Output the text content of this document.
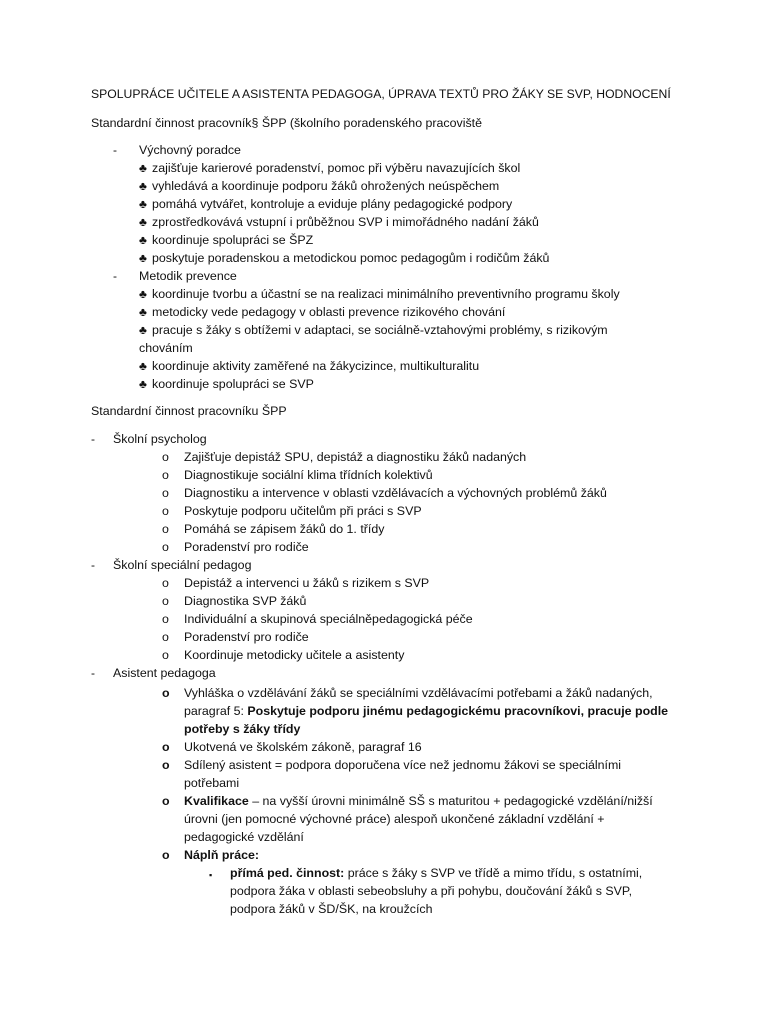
SPOLUPRÁCE UČITELE A ASISTENTA PEDAGOGA, ÚPRAVA TEXTŮ PRO ŽÁKY SE SVP, HODNOCENÍ
Standardní činnost pracovník§ ŠPP (školního poradenského pracoviště
- Výchovný poradce
♣ zajišťuje karierové poradenství, pomoc při výběru navazujících škol
♣ vyhledává a koordinuje podporu žáků ohrožených neúspěchem
♣ pomáhá vytvářet, kontroluje a eviduje plány pedagogické podpory
♣ zprostředkovává vstupní i průběžnou SVP i mimořádného nadání žáků
♣ koordinuje spolupráci se ŠPZ
♣ poskytuje poradenskou a metodickou pomoc pedagogům i rodičům žáků
- Metodik prevence
♣ koordinuje tvorbu a účastní se na realizaci minimálního preventivního programu školy
♣ metodicky vede pedagogy v oblasti prevence rizikového chování
♣ pracuje s žáky s obtížemi v adaptaci, se sociálně-vztahovými problémy, s rizikovým
chováním
♣ koordinuje aktivity zaměřené na žákycizince, multikulturalitu
♣ koordinuje spolupráci se SVP
Standardní činnost pracovníku ŠPP
- Školní psycholog
o Zajišťuje depistáž SPU, depistáž a diagnostiku žáků nadaných
o Diagnostikuje sociální klima třídních kolektivů
o Diagnostiku a intervence v oblasti vzdělávacích a výchovných problémů žáků
o Poskytuje podporu učitelům při práci s SVP
o Pomáhá se zápisem žáků do 1. třídy
o Poradenství pro rodiče
- Školní speciální pedagog
o Depistáž a intervenci u žáků s rizikem s SVP
o Diagnostika SVP žáků
o Individuální a skupinová speciálněpedagogická péče
o Poradenství pro rodiče
o Koordinuje metodicky učitele a asistenty
- Asistent pedagoga
o Vyhláška o vzdělávání žáků se speciálními vzdělávacími potřebami a žáků nadaných,
paragraf 5: Poskytuje podporu jinému pedagogickému pracovníkovi, pracuje podle
potřeby s žáky třídy
o Ukotvená ve školském zákoně, paragraf 16
o Sdílený asistent = podpora doporučena více než jednomu žákovi se speciálními
potřebami
o Kvalifikace – na vyšší úrovni minimálně SŠ s maturitou + pedagogické vzdělání/nižší
úrovni (jen pomocné výchovné práce) alespoň ukončené základní vzdělání +
pedagogické vzdělání
o Náplň práce:
▪ přímá ped. činnost: práce s žáky s SVP ve třídě a mimo třídu, s ostatními,
podpora žáka v oblasti sebeobsluhy a při pohybu, doučování žáků s SVP,
podpora žáků v ŠD/ŠK, na kroužcích
